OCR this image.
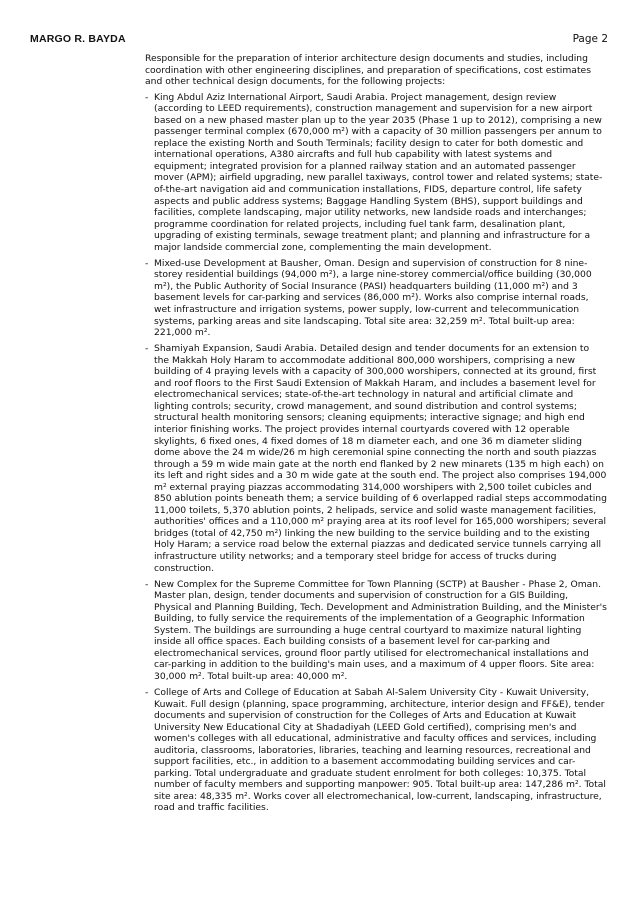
MARGO R. BAYDA	Page 2

Responsible for the preparation of interior architecture design documents and studies, including coordination with other engineering disciplines, and preparation of specifications, cost estimates and other technical design documents, for the following projects:

- King Abdul Aziz International Airport, Saudi Arabia. Project management, design review (according to LEED requirements), construction management and supervision for a new airport based on a new phased master plan up to the year 2035 (Phase 1 up to 2012), comprising a new passenger terminal complex (670,000 m²) with a capacity of 30 million passengers per annum to replace the existing North and South Terminals; facility design to cater for both domestic and international operations, A380 aircrafts and full hub capability with latest systems and equipment; integrated provision for a planned railway station and an automated passenger mover (APM); airfield upgrading, new parallel taxiways, control tower and related systems; state-of-the-art navigation aid and communication installations, FIDS, departure control, life safety aspects and public address systems; Baggage Handling System (BHS), support buildings and facilities, complete landscaping, major utility networks, new landside roads and interchanges; programme coordination for related projects, including fuel tank farm, desalination plant, upgrading of existing terminals, sewage treatment plant; and planning and infrastructure for a major landside commercial zone, complementing the main development.
- Mixed-use Development at Bausher, Oman. Design and supervision of construction for 8 nine-storey residential buildings (94,000 m²), a large nine-storey commercial/office building (30,000 m²), the Public Authority of Social Insurance (PASI) headquarters building (11,000 m²) and 3 basement levels for car-parking and services (86,000 m²). Works also comprise internal roads, wet infrastructure and irrigation systems, power supply, low-current and telecommunication systems, parking areas and site landscaping. Total site area: 32,259 m². Total built-up area: 221,000 m².
- Shamiyah Expansion, Saudi Arabia. Detailed design and tender documents for an extension to the Makkah Holy Haram to accommodate additional 800,000 worshipers, comprising a new building of 4 praying levels with a capacity of 300,000 worshipers, connected at its ground, first and roof floors to the First Saudi Extension of Makkah Haram, and includes a basement level for electromechanical services; state-of-the-art technology in natural and artificial climate and lighting controls; security, crowd management, and sound distribution and control systems; structural health monitoring sensors; cleaning equipments; interactive signage; and high end interior finishing works. The project provides internal courtyards covered with 12 operable skylights, 6 fixed ones, 4 fixed domes of 18 m diameter each, and one 36 m diameter sliding dome above the 24 m wide/26 m high ceremonial spine connecting the north and south piazzas through a 59 m wide main gate at the north end flanked by 2 new minarets (135 m high each) on its left and right sides and a 30 m wide gate at the south end. The project also comprises 194,000 m² external praying piazzas accommodating 314,000 worshipers with 2,500 toilet cubicles and 850 ablution points beneath them; a service building of 6 overlapped radial steps accommodating 11,000 toilets, 5,370 ablution points, 2 helipads, service and solid waste management facilities, authorities' offices and a 110,000 m² praying area at its roof level for 165,000 worshipers; several bridges (total of 42,750 m²) linking the new building to the service building and to the existing Holy Haram; a service road below the external piazzas and dedicated service tunnels carrying all infrastructure utility networks; and a temporary steel bridge for access of trucks during construction.
- New Complex for the Supreme Committee for Town Planning (SCTP) at Bausher - Phase 2, Oman. Master plan, design, tender documents and supervision of construction for a GIS Building, Physical and Planning Building, Tech. Development and Administration Building, and the Minister's Building, to fully service the requirements of the implementation of a Geographic Information System. The buildings are surrounding a huge central courtyard to maximize natural lighting inside all office spaces. Each building consists of a basement level for car-parking and electromechanical services, ground floor partly utilised for electromechanical installations and car-parking in addition to the building's main uses, and a maximum of 4 upper floors. Site area: 30,000 m². Total built-up area: 40,000 m².
- College of Arts and College of Education at Sabah Al-Salem University City - Kuwait University, Kuwait. Full design (planning, space programming, architecture, interior design and FF&E), tender documents and supervision of construction for the Colleges of Arts and Education at Kuwait University New Educational City at Shadadiyah (LEED Gold certified), comprising men's and women's colleges with all educational, administrative and faculty offices and services, including auditoria, classrooms, laboratories, libraries, teaching and learning resources, recreational and support facilities, etc., in addition to a basement accommodating building services and car-parking. Total undergraduate and graduate student enrolment for both colleges: 10,375. Total number of faculty members and supporting manpower: 905. Total built-up area: 147,286 m². Total site area: 48,335 m². Works cover all electromechanical, low-current, landscaping, infrastructure, road and traffic facilities.
